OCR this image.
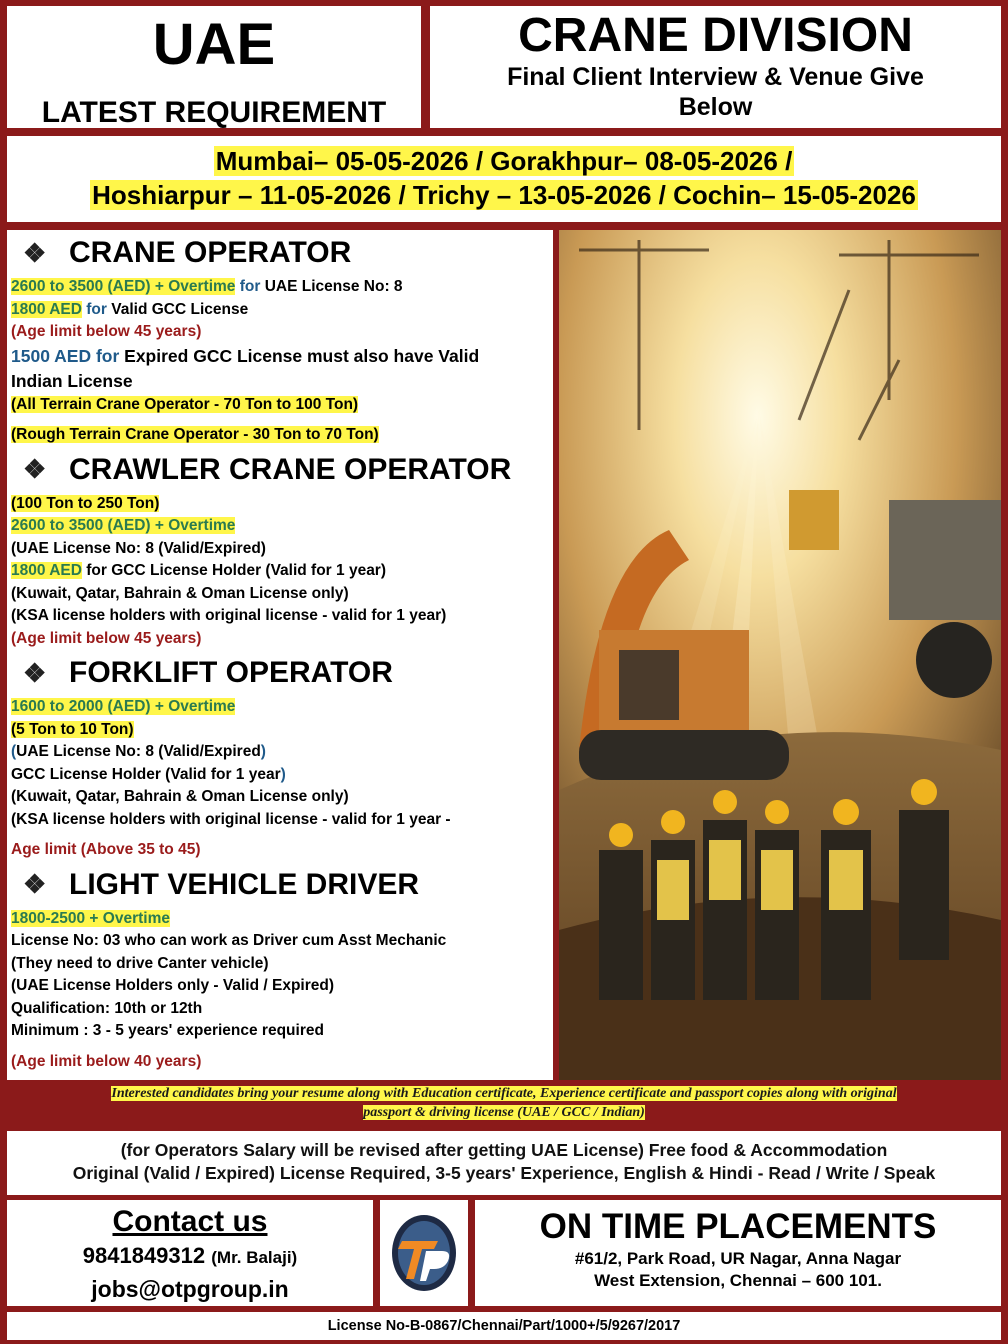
UAE
LATEST REQUIREMENT
CRANE DIVISION
Final Client Interview & Venue Give
Below
Mumbai– 05-05-2026 / Gorakhpur– 08-05-2026 /
Hoshiarpur – 11-05-2026 / Trichy – 13-05-2026 / Cochin– 15-05-2026
❖ CRANE OPERATOR
2600 to 3500 (AED) + Overtime for UAE License No: 8
1800 AED for Valid GCC License
(Age limit below 45 years)
1500 AED for Expired GCC License must also have Valid
Indian License
(All Terrain Crane Operator - 70 Ton to 100 Ton)
(Rough Terrain Crane Operator - 30 Ton to 70 Ton)
❖ CRAWLER CRANE OPERATOR
(100 Ton to 250 Ton)
2600 to 3500 (AED) + Overtime
(UAE License No: 8 (Valid/Expired)
1800 AED for GCC License Holder (Valid for 1 year)
(Kuwait, Qatar, Bahrain & Oman License only)
(KSA license holders with original license - valid for 1 year)
(Age limit below 45 years)
❖ FORKLIFT OPERATOR
1600 to 2000 (AED) + Overtime
(5 Ton to 10 Ton)
(UAE License No: 8 (Valid/Expired)
GCC License Holder (Valid for 1 year)
(Kuwait, Qatar, Bahrain & Oman License only)
(KSA license holders with original license - valid for 1 year -
Age limit (Above 35 to 45)
❖ LIGHT VEHICLE DRIVER
1800-2500 + Overtime
License No: 03 who can work as Driver cum Asst Mechanic
(They need to drive Canter vehicle)
(UAE License Holders only - Valid / Expired)
Qualification: 10th or 12th
Minimum : 3 - 5 years' experience required
(Age limit below 40 years)
Interested candidates bring your resume along with Education certificate, Experience certificate and passport copies along with original
passport & driving license (UAE / GCC / Indian)
(for Operators Salary will be revised after getting UAE License) Free food & Accommodation
Original (Valid / Expired) License Required, 3-5 years' Experience, English & Hindi - Read / Write / Speak
Contact us
9841849312 (Mr. Balaji)
jobs@otpgroup.in
ON TIME PLACEMENTS
#61/2, Park Road, UR Nagar, Anna Nagar
West Extension, Chennai – 600 101.
License No-B-0867/Chennai/Part/1000+/5/9267/2017
